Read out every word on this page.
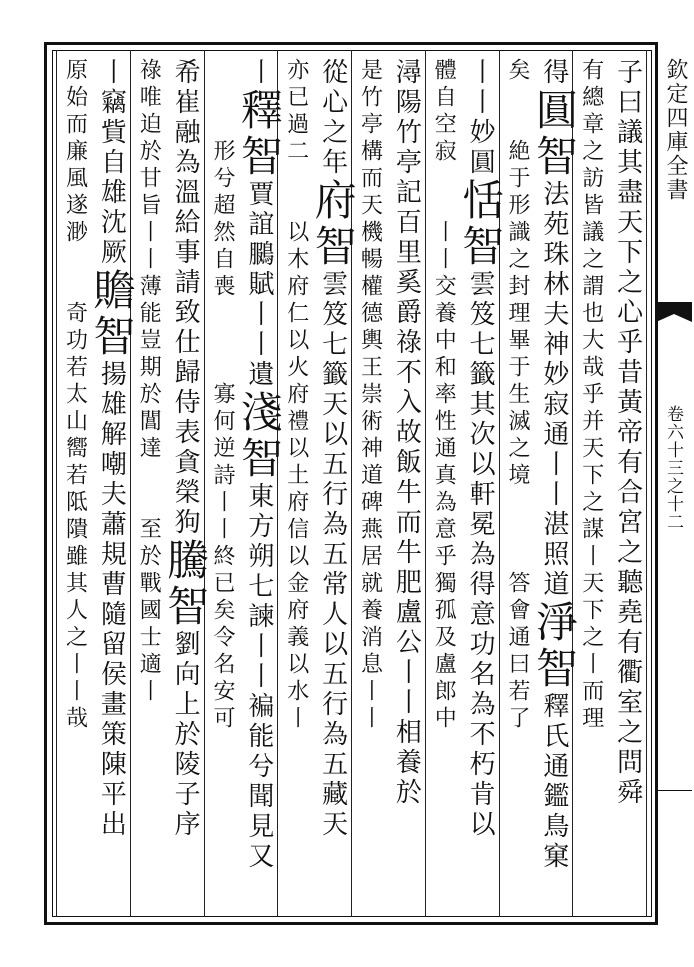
欽定四庫全書
卷六十三之十二
子曰議其盡天下之心乎昔黃帝有合宮之聽堯有衢室之問舜
有總章之訪皆議之謂也大哉乎并天下之謀丨天下之丨而理
得圓智法苑珠林夫神妙寂通丨丨湛照道淨智釋氏通鑑鳥窠
矣　　絶于形識之封理畢于生滅之境　　　答會通曰若了
丨丨妙圓恬智雲笈七籤其次以軒冕為得意功名為不朽肯以
體自空寂　　丨丨交養中和率性通真為意乎獨孤及盧郎中
潯陽竹亭記百里奚爵祿不入故飯牛而牛肥盧公丨丨相養於
是竹亭構而天機暢權德輿王崇術神道碑燕居就養消息丨丨
從心之年府智雲笈七籤天以五行為五常人以五行為五藏天
亦已過二　　以木府仁以火府禮以土府信以金府義以水丨
丨釋智賈誼鵩賦丨丨遺淺智東方朔七諫丨丨褊能兮聞見又
　　　形兮超然自喪　　　寡何逆詩丨丨終已矣令名安可
希崔融為溫給事請致仕歸侍表貪榮狗騰智劉向上於陵子序
祿唯迫於甘旨丨丨薄能豈期於閶達　　至於戰國士適丨
丨竊貲自雄沈厥贍智揚雄解嘲夫蕭規曹隨留侯畫策陳平出
原始而廉風遂渺　　奇功若太山嚮若阺隤雖其人之丨丨哉
